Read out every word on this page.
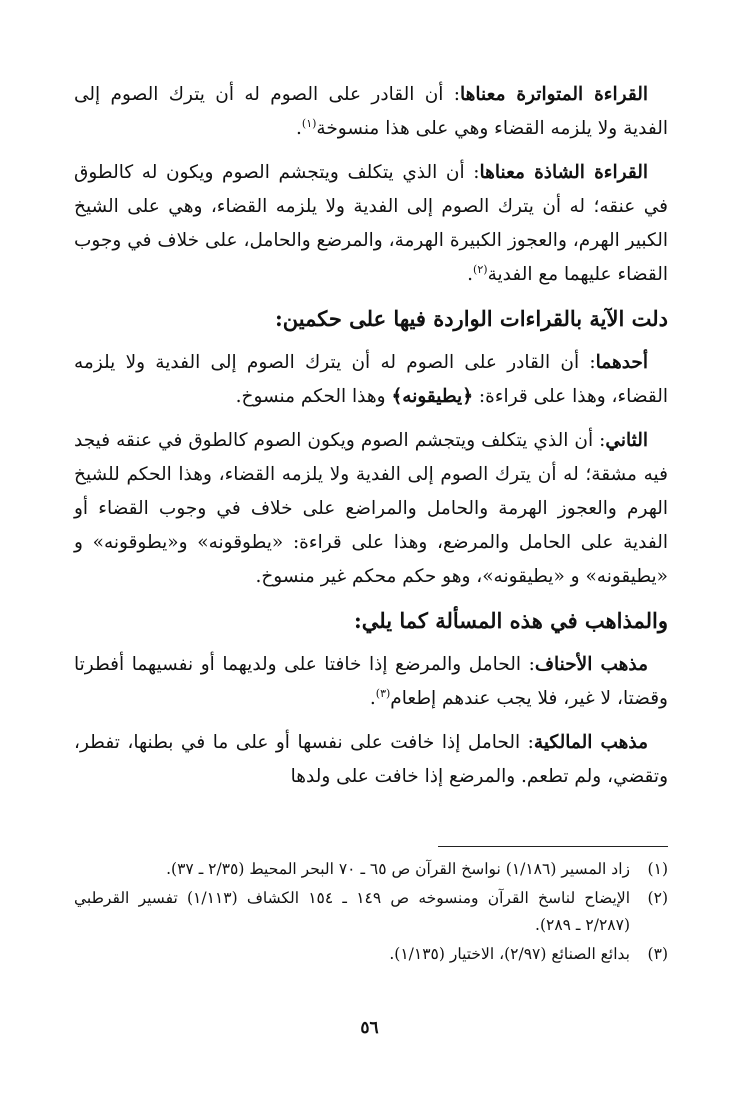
القراءة المتواترة معناها: أن القادر على الصوم له أن يترك الصوم إلى الفدية ولا يلزمه القضاء وهي على هذا منسوخة$^{(١)}$.

القراءة الشاذة معناها: أن الذي يتكلف ويتجشم الصوم ويكون له كالطوق في عنقه؛ له أن يترك الصوم إلى الفدية ولا يلزمه القضاء، وهي على الشيخ الكبير الهرم، والعجوز الكبيرة الهرمة، والمرضع والحامل، على خلاف في وجوب القضاء عليهما مع الفدية$^{(٢)}$.

دلت الآية بالقراءات الواردة فيها على حكمين:

أحدهما: أن القادر على الصوم له أن يترك الصوم إلى الفدية ولا يلزمه القضاء، وهذا على قراءة: ﴿يطيقونه﴾ وهذا الحكم منسوخ.

الثاني: أن الذي يتكلف ويتجشم الصوم ويكون الصوم كالطوق في عنقه فيجد فيه مشقة؛ له أن يترك الصوم إلى الفدية ولا يلزمه القضاء، وهذا الحكم للشيخ الهرم والعجوز الهرمة والحامل والمراضع على خلاف في وجوب القضاء أو الفدية على الحامل والمرضع، وهذا على قراءة: «يطوقونه» و«يطوقونه» و «يطيقونه» و «يطيقونه»، وهو حكم محكم غير منسوخ.

والمذاهب في هذه المسألة كما يلي:

مذهب الأحناف: الحامل والمرضع إذا خافتا على ولديهما أو نفسيهما أفطرتا وقضتا، لا غير، فلا يجب عندهم إطعام$^{(٣)}$.

مذهب المالكية: الحامل إذا خافت على نفسها أو على ما في بطنها، تفطر، وتقضي، ولم تطعم. والمرضع إذا خافت على ولدها

(١)
زاد المسير (١/١٨٦) نواسخ القرآن ص ٦٥ ـ ٧٠ البحر المحيط (٢/٣٥ ـ ٣٧).
(٢)
الإيضاح لناسخ القرآن ومنسوخه ص ١٤٩ ـ ١٥٤ الكشاف (١/١١٣) تفسير القرطبي (٢/٢٨٧ ـ ٢٨٩).
(٣)
بدائع الصنائع (٢/٩٧)، الاختيار (١/١٣٥).
٥٦
